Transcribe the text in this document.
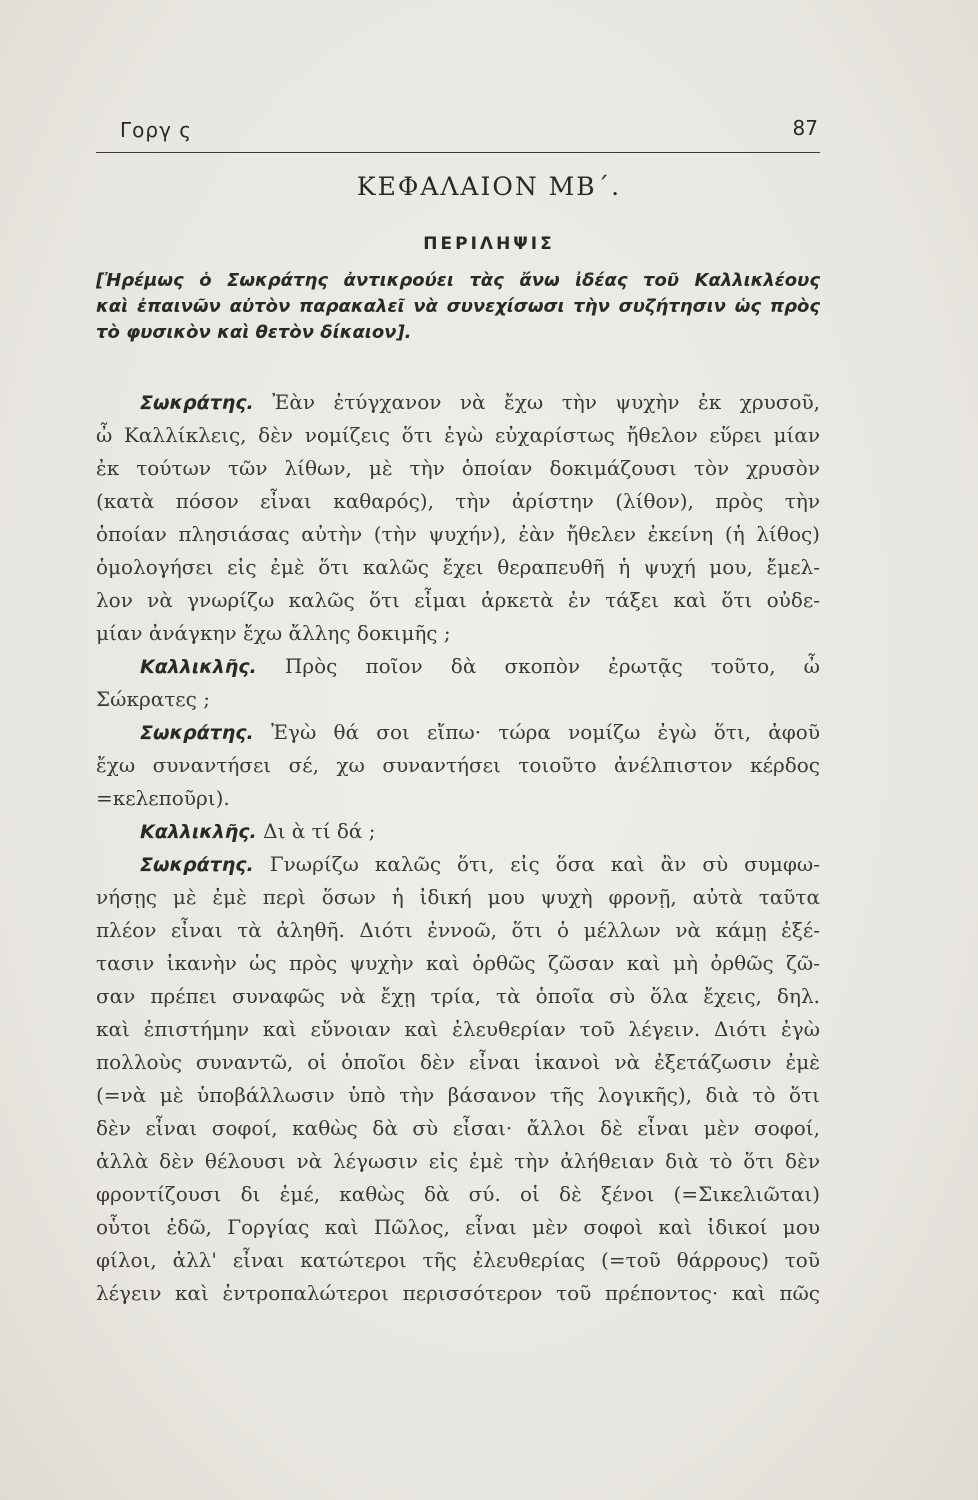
Γοργ ς	87
ΚΕΦΑΛΑΙΟΝ ΜΒ΄.
ΠΕΡΙΛΗΨΙΣ
[Ἠρέμως ὁ Σωκράτης ἀντικρούει τὰς ἄνω ἰδέας τοῦ Καλλικλέους
καὶ ἐπαινῶν αὐτὸν παρακαλεῖ νὰ συνεχίσωσι τὴν συζήτησιν ὡς πρὸς
τὸ φυσικὸν καὶ θετὸν δίκαιον].
Σωκράτης. Ἐὰν ἐτύγχανον νὰ ἔχω τὴν ψυχὴν ἐκ χρυσοῦ,
ὦ Καλλίκλεις, δὲν νομίζεις ὅτι ἐγὼ εὐχαρίστως ἤθελον εὕρει μίαν
ἐκ τούτων τῶν λίθων, μὲ τὴν ὁποίαν δοκιμάζουσι τὸν χρυσὸν
(κατὰ πόσον εἶναι καθαρός), τὴν ἀρίστην (λίθον), πρὸς τὴν
ὁποίαν πλησιάσας αὐτὴν (τὴν ψυχήν), ἐὰν ἤθελεν ἐκείνη (ἡ λίθος)
ὁμολογήσει εἰς ἐμὲ ὅτι καλῶς ἔχει θεραπευθῆ ἡ ψυχή μου, ἔμελ-
λον νὰ γνωρίζω καλῶς ὅτι εἶμαι ἀρκετὰ ἐν τάξει καὶ ὅτι οὐδε-
μίαν ἀνάγκην ἔχω ἄλλης δοκιμῆς ;
Καλλικλῆς. Πρὸς ποῖον δὰ σκοπὸν ἐρωτᾷς τοῦτο, ὦ
Σώκρατες ;
Σωκράτης. Ἐγὼ θά σοι εἴπω· τώρα νομίζω ἐγὼ ὅτι, ἀφοῦ
ἔχω συναντήσει σέ, χω συναντήσει τοιοῦτο ἀνέλπιστον κέρδος
=κελεποῦρι).
Καλλικλῆς. Δι ὰ τί δά ;
Σωκράτης. Γνωρίζω καλῶς ὅτι, εἰς ὅσα καὶ ἂν σὺ συμφω-
νήσῃς μὲ ἐμὲ περὶ ὅσων ἡ ἰδική μου ψυχὴ φρονῇ, αὐτὰ ταῦτα
πλέον εἶναι τὰ ἀληθῆ. Διότι ἐννοῶ, ὅτι ὁ μέλλων νὰ κάμῃ ἐξέ-
τασιν ἱκανὴν ὡς πρὸς ψυχὴν καὶ ὀρθῶς ζῶσαν καὶ μὴ ὀρθῶς ζῶ-
σαν πρέπει συναφῶς νὰ ἔχῃ τρία, τὰ ὁποῖα σὺ ὅλα ἔχεις, δηλ.
καὶ ἐπιστήμην καὶ εὔνοιαν καὶ ἐλευθερίαν τοῦ λέγειν. Διότι ἐγὼ
πολλοὺς συναντῶ, οἱ ὁποῖοι δὲν εἶναι ἱκανοὶ νὰ ἐξετάζωσιν ἐμὲ
(=νὰ μὲ ὑποβάλλωσιν ὑπὸ τὴν βάσανον τῆς λογικῆς), διὰ τὸ ὅτι
δὲν εἶναι σοφοί, καθὼς δὰ σὺ εἶσαι· ἄλλοι δὲ εἶναι μὲν σοφοί,
ἀλλὰ δὲν θέλουσι νὰ λέγωσιν εἰς ἐμὲ τὴν ἀλήθειαν διὰ τὸ ὅτι δὲν
φροντίζουσι δι ἐμέ, καθὼς δὰ σύ. οἱ δὲ ξένοι (=Σικελιῶται)
οὗτοι ἐδῶ, Γοργίας καὶ Πῶλος, εἶναι μὲν σοφοὶ καὶ ἰδικοί μου
φίλοι, ἀλλ' εἶναι κατώτεροι τῆς ἐλευθερίας (=τοῦ θάρρους) τοῦ
λέγειν καὶ ἐντροπαλώτεροι περισσότερον τοῦ πρέποντος· καὶ πῶς
